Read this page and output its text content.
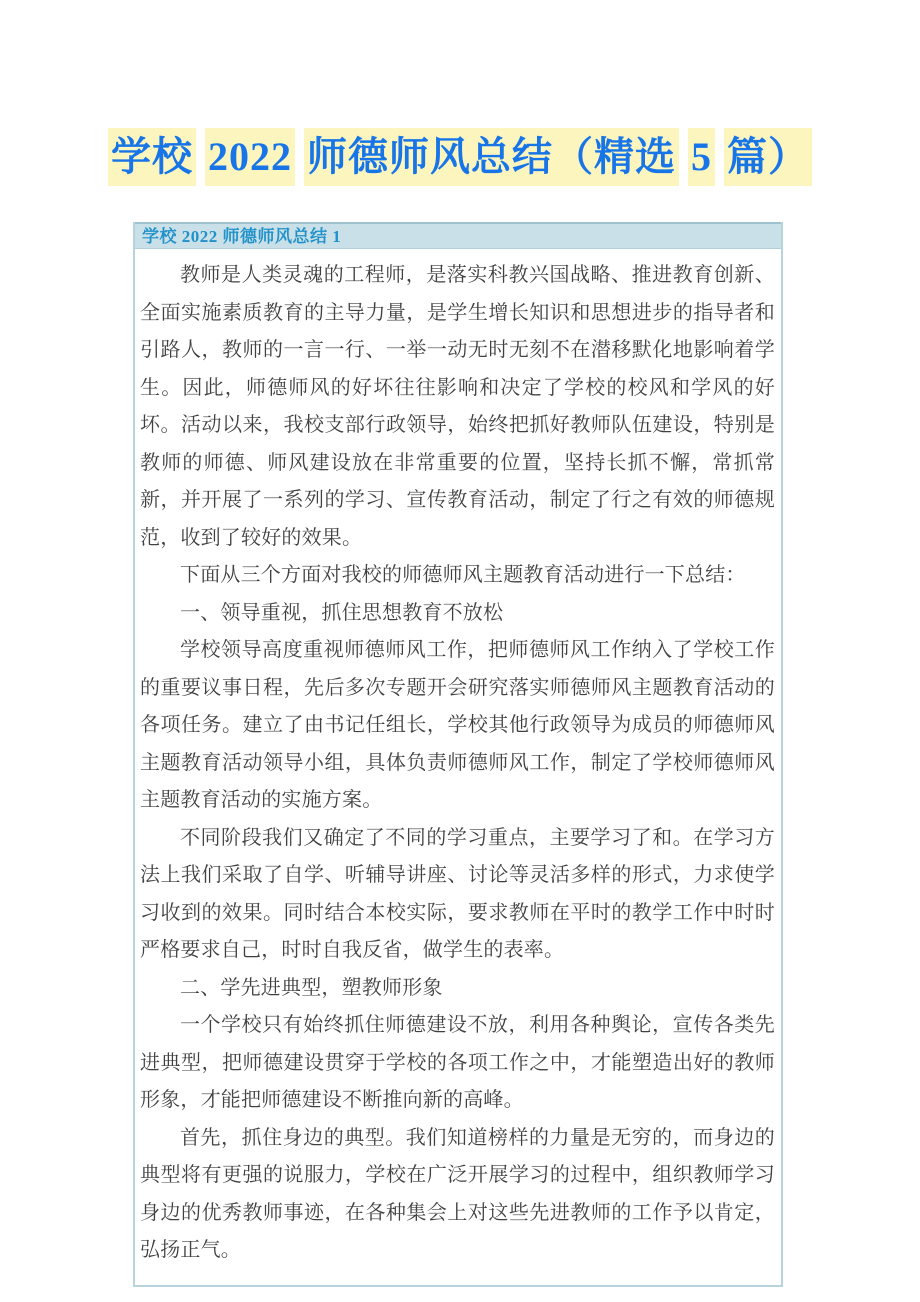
学校 2022 师德师风总结（精选 5 篇）
学校 2022 师德师风总结 1

教师是人类灵魂的工程师，是落实科教兴国战略、推进教育创新、全面实施素质教育的主导力量，是学生增长知识和思想进步的指导者和引路人，教师的一言一行、一举一动无时无刻不在潜移默化地影响着学生。因此，师德师风的好坏往往影响和决定了学校的校风和学风的好坏。活动以来，我校支部行政领导，始终把抓好教师队伍建设，特别是教师的师德、师风建设放在非常重要的位置，坚持长抓不懈，常抓常新，并开展了一系列的学习、宣传教育活动，制定了行之有效的师德规范，收到了较好的效果。

下面从三个方面对我校的师德师风主题教育活动进行一下总结：

一、领导重视，抓住思想教育不放松

学校领导高度重视师德师风工作，把师德师风工作纳入了学校工作的重要议事日程，先后多次专题开会研究落实师德师风主题教育活动的各项任务。建立了由书记任组长，学校其他行政领导为成员的师德师风主题教育活动领导小组，具体负责师德师风工作，制定了学校师德师风主题教育活动的实施方案。

不同阶段我们又确定了不同的学习重点，主要学习了和。在学习方法上我们采取了自学、听辅导讲座、讨论等灵活多样的形式，力求使学习收到的效果。同时结合本校实际，要求教师在平时的教学工作中时时严格要求自己，时时自我反省，做学生的表率。

二、学先进典型，塑教师形象

一个学校只有始终抓住师德建设不放，利用各种舆论，宣传各类先进典型，把师德建设贯穿于学校的各项工作之中，才能塑造出好的教师形象，才能把师德建设不断推向新的高峰。

首先，抓住身边的典型。我们知道榜样的力量是无穷的，而身边的典型将有更强的说服力，学校在广泛开展学习的过程中，组织教师学习身边的优秀教师事迹，在各种集会上对这些先进教师的工作予以肯定，弘扬正气。
